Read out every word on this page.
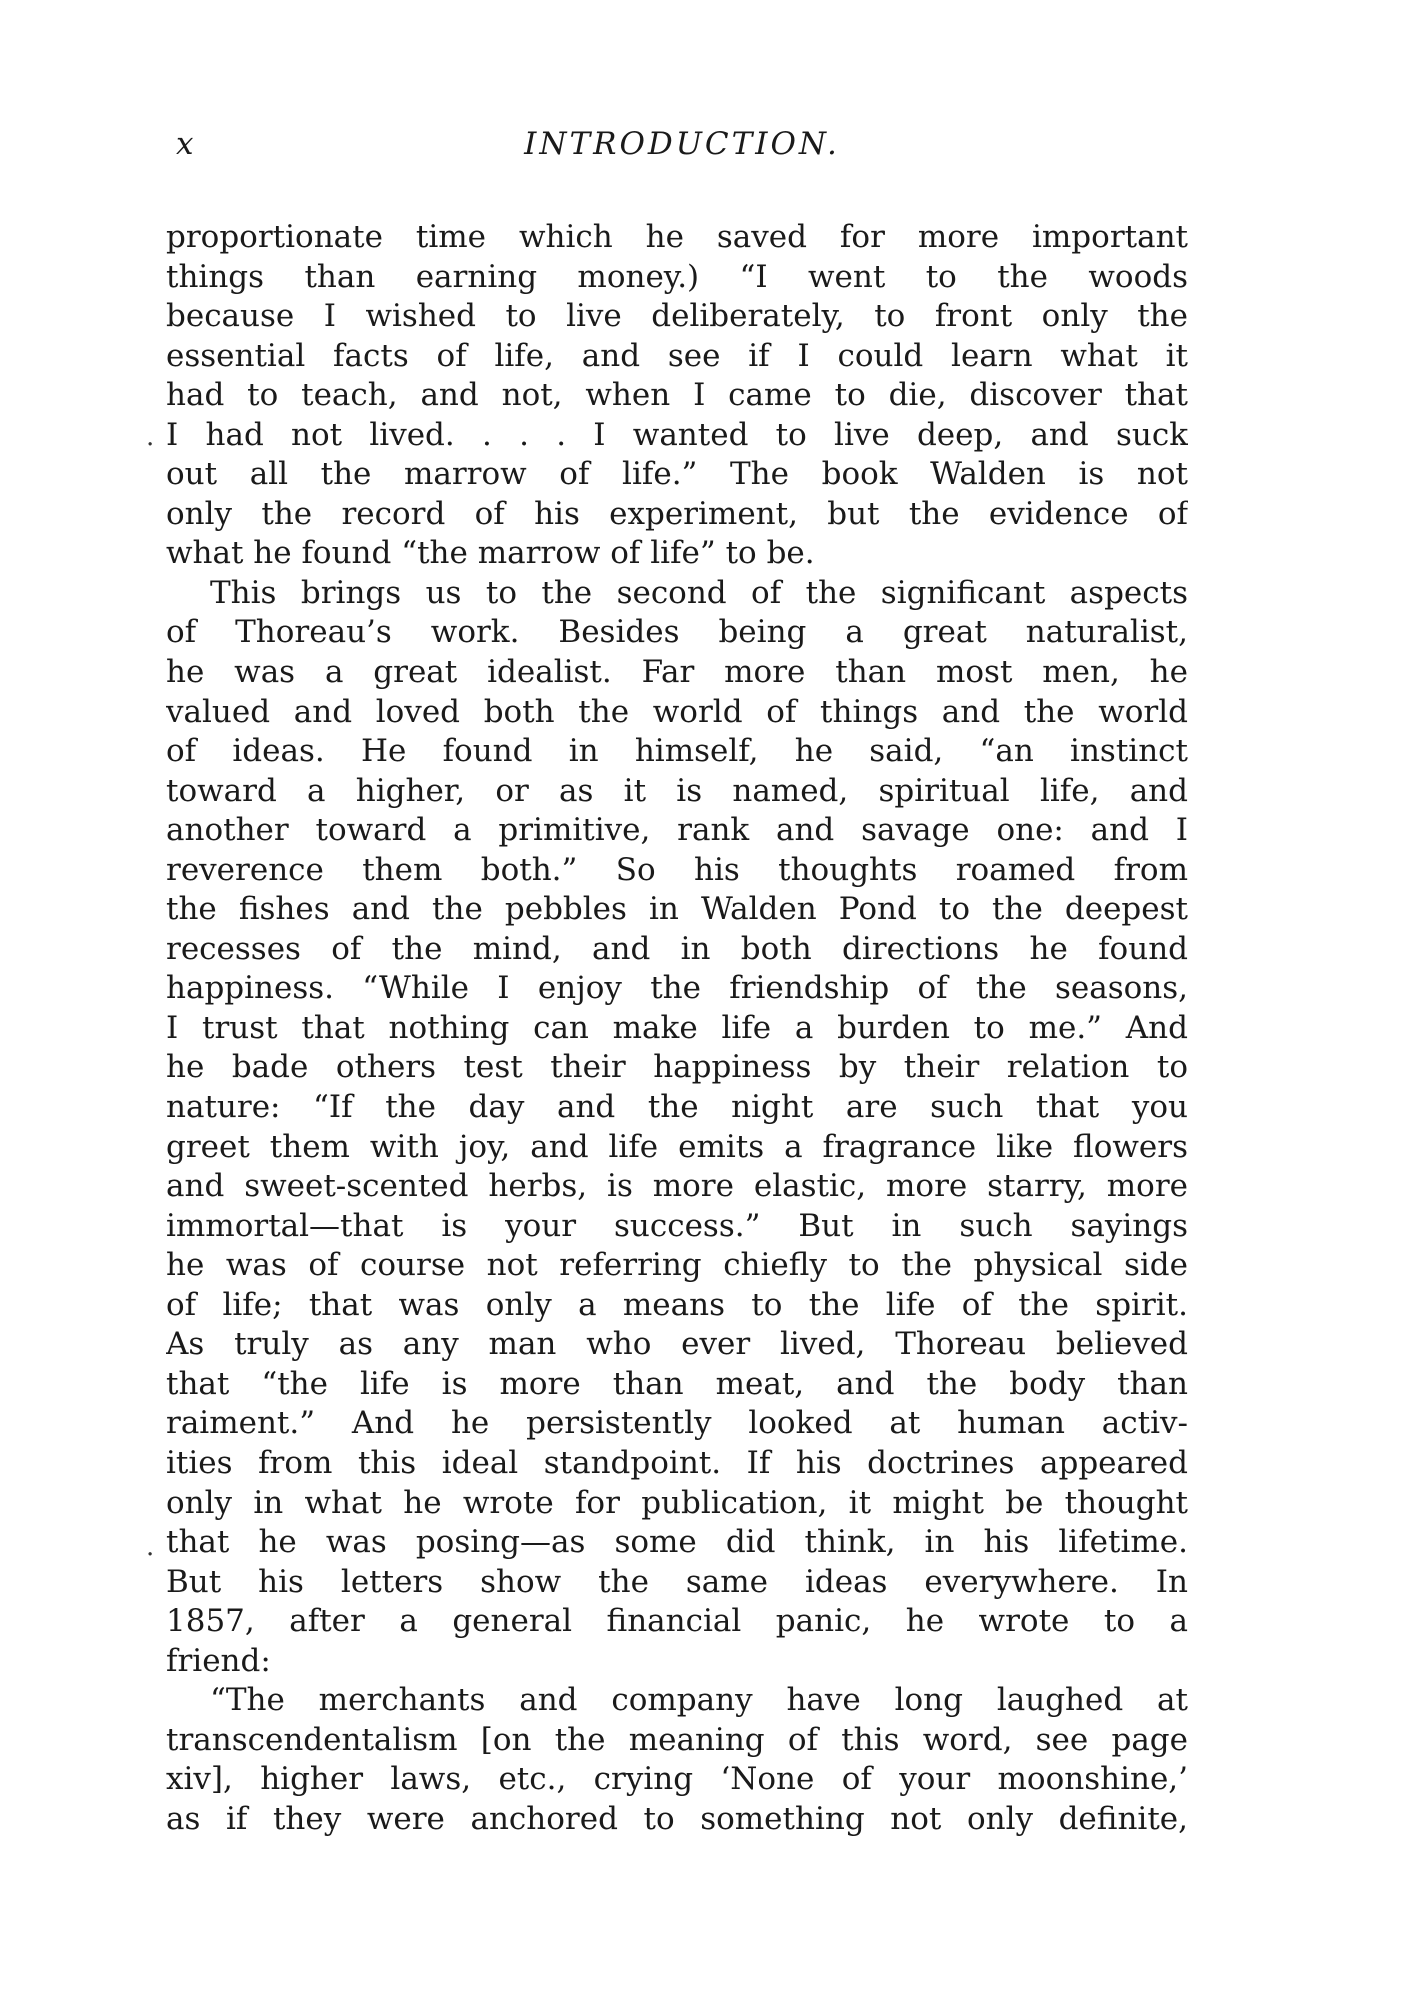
x	INTRODUCTION.
.
·
proportionate time which he saved for more important
things than earning money.) “I went to the woods
because I wished to live deliberately, to front only the
essential facts of life, and see if I could learn what it
had to teach, and not, when I came to die, discover that
I had not lived. . . . I wanted to live deep, and suck
out all the marrow of life.” The book Walden is not
only the record of his experiment, but the evidence of
what he found “the marrow of life” to be.
This brings us to the second of the significant aspects
of Thoreau’s work. Besides being a great naturalist,
he was a great idealist. Far more than most men, he
valued and loved both the world of things and the world
of ideas. He found in himself, he said, “an instinct
toward a higher, or as it is named, spiritual life, and
another toward a primitive, rank and savage one: and I
reverence them both.” So his thoughts roamed from
the fishes and the pebbles in Walden Pond to the deepest
recesses of the mind, and in both directions he found
happiness. “While I enjoy the friendship of the seasons,
I trust that nothing can make life a burden to me.” And
he bade others test their happiness by their relation to
nature: “If the day and the night are such that you
greet them with joy, and life emits a fragrance like flowers
and sweet-scented herbs, is more elastic, more starry, more
immortal—that is your success.” But in such sayings
he was of course not referring chiefly to the physical side
of life; that was only a means to the life of the spirit.
As truly as any man who ever lived, Thoreau believed
that “the life is more than meat, and the body than
raiment.” And he persistently looked at human activ-
ities from this ideal standpoint. If his doctrines appeared
only in what he wrote for publication, it might be thought
that he was posing—as some did think, in his lifetime.
But his letters show the same ideas everywhere. In
1857, after a general financial panic, he wrote to a
friend:
“The merchants and company have long laughed at
transcendentalism [on the meaning of this word, see page
xiv], higher laws, etc., crying ‘None of your moonshine,’
as if they were anchored to something not only definite,
